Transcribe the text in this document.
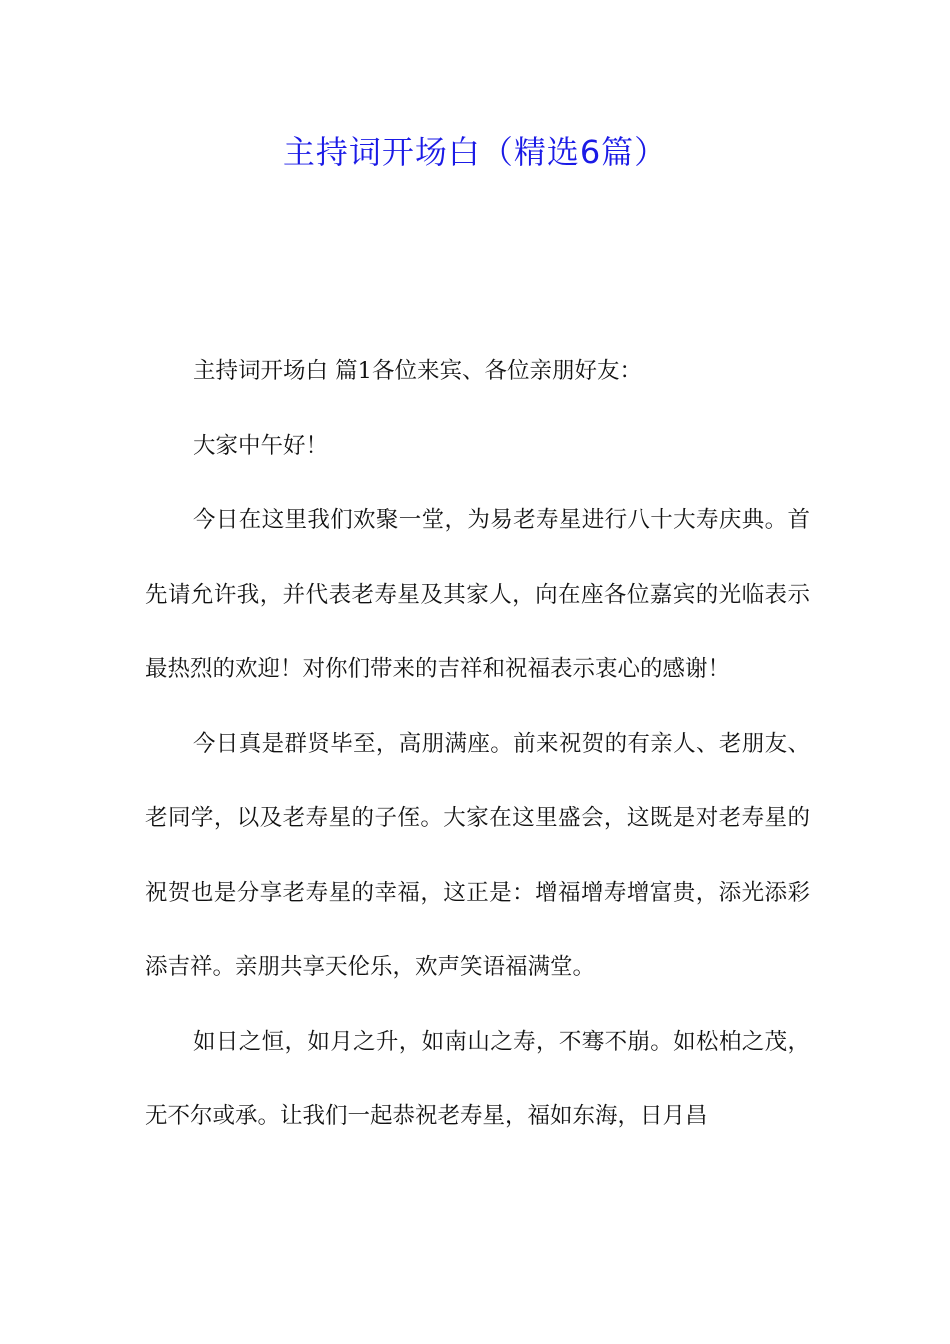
主持词开场白（精选6篇）

主持词开场白 篇1各位来宾、各位亲朋好友：

大家中午好！

今日在这里我们欢聚一堂，为易老寿星进行八十大寿庆典。首先请允许我，并代表老寿星及其家人，向在座各位嘉宾的光临表示最热烈的欢迎！对你们带来的吉祥和祝福表示衷心的感谢！

今日真是群贤毕至，高朋满座。前来祝贺的有亲人、老朋友、老同学，以及老寿星的子侄。大家在这里盛会，这既是对老寿星的祝贺也是分享老寿星的幸福，这正是：增福增寿增富贵，添光添彩添吉祥。亲朋共享天伦乐，欢声笑语福满堂。

如日之恒，如月之升，如南山之寿，不骞不崩。如松柏之茂，无不尔或承。让我们一起恭祝老寿星，福如东海，日月昌
